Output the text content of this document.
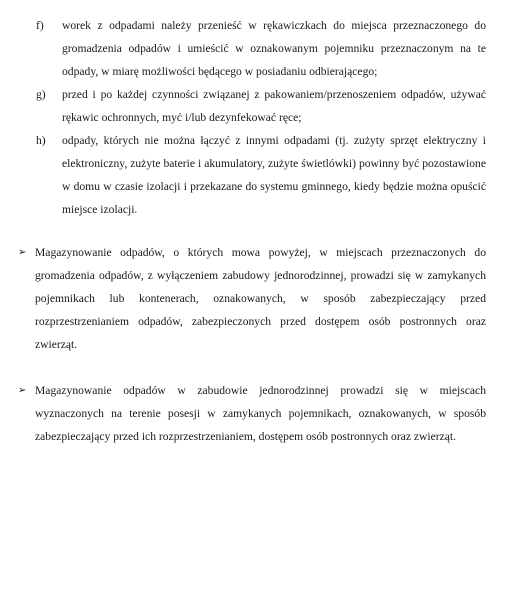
f)	worek z odpadami należy przenieść w rękawiczkach do miejsca przeznaczonego do gromadzenia odpadów i umieścić w oznakowanym pojemniku przeznaczonym na te odpady, w miarę możliwości będącego w posiadaniu odbierającego;
g)	przed i po każdej czynności związanej z pakowaniem/przenoszeniem odpadów, używać rękawic ochronnych, myć i/lub dezynfekować ręce;
h)	odpady, których nie można łączyć z innymi odpadami (tj. zużyty sprzęt elektryczny i elektroniczny, zużyte baterie i akumulatory, zużyte świetlówki) powinny być pozostawione w domu w czasie izolacji i przekazane do systemu gminnego, kiedy będzie można opuścić miejsce izolacji.
➢ Magazynowanie odpadów, o których mowa powyżej, w miejscach przeznaczonych do gromadzenia odpadów, z wyłączeniem zabudowy jednorodzinnej, prowadzi się w zamykanych pojemnikach lub kontenerach, oznakowanych, w sposób zabezpieczający przed rozprzestrzenianiem odpadów, zabezpieczonych przed dostępem osób postronnych oraz zwierząt.
➢ Magazynowanie odpadów w zabudowie jednorodzinnej prowadzi się w miejscach wyznaczonych na terenie posesji w zamykanych pojemnikach, oznakowanych, w sposób zabezpieczający przed ich rozprzestrzenianiem, dostępem osób postronnych oraz zwierząt.
